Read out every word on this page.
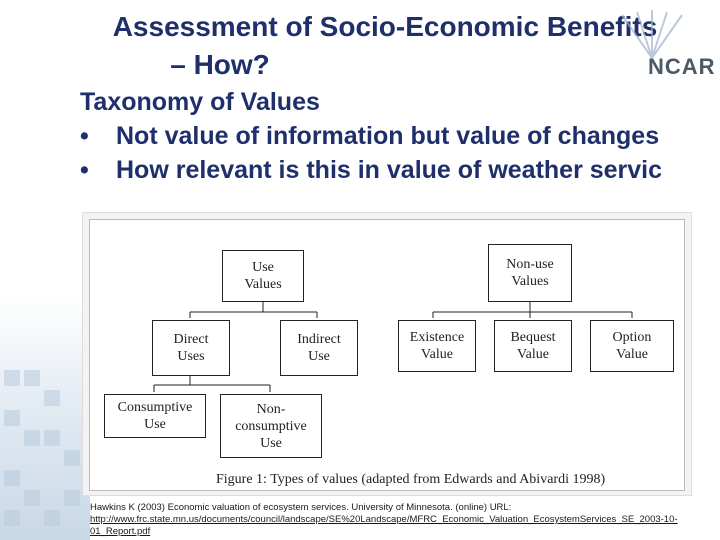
Assessment of Socio-Economic Benefits
– How?	NCAR
Taxonomy of Values
• Not value of information but value of changes
• How relevant is this in value of weather servic
Use
Values
Non-use
Values
Direct
Uses
Indirect
Use
Existence
Value
Bequest
Value
Option
Value
Consumptive
Use
Non-
consumptive
Use
Figure 1: Types of values (adapted from Edwards and Abivardi 1998)
Hawkins K (2003) Economic valuation of ecosystem services. University of Minnesota. (online) URL:
http://www.frc.state.mn.us/documents/council/landscape/SE%20Landscape/MFRC_Economic_Valuation_EcosystemServices_SE_2003-10-01_Report.pdf
